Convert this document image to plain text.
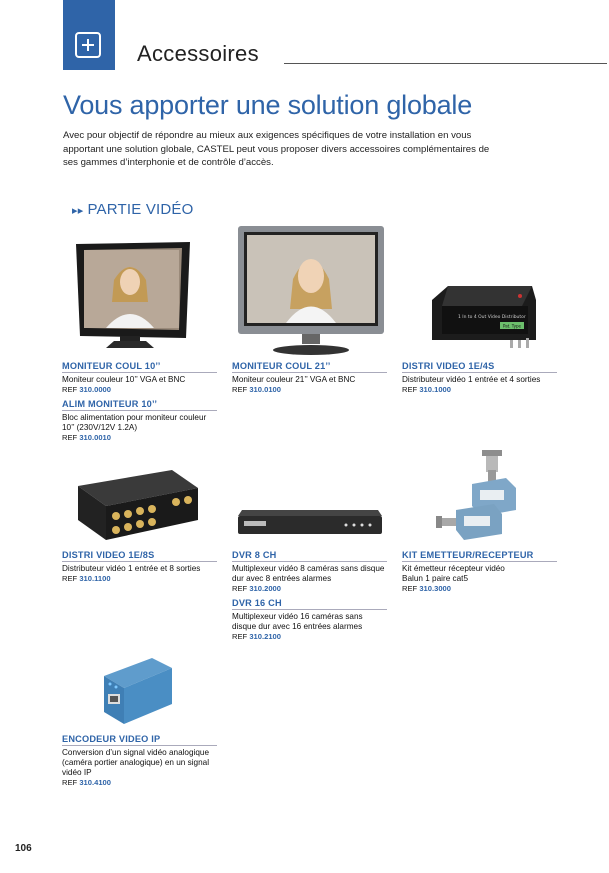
Accessoires
Vous apporter une solution globale
Avec pour objectif de répondre au mieux aux exigences spécifiques de votre installation en vous apportant une solution globale, CASTEL peut vous proposer divers accessoires complémentaires de ses gammes d’interphonie et de contrôle d’accès.
▸▸ PARTIE VIDÉO
1 In to 4 Out Video Distributor
Pat. Type
MONITEUR COUL 10’’
Moniteur couleur 10’’ VGA et BNC
REF 310.0000
ALIM MONITEUR 10’’
Bloc alimentation pour moniteur couleur 10’’ (230V/12V 1.2A)
REF 310.0010
MONITEUR COUL 21’’
Moniteur couleur 21’’ VGA et BNC
REF 310.0100
DISTRI VIDEO 1E/4S
Distributeur vidéo 1 entrée et 4 sorties
REF 310.1000
DISTRI VIDEO 1E/8S
Distributeur vidéo 1 entrée et 8 sorties
REF 310.1100
DVR 8 CH
Multiplexeur vidéo 8 caméras sans disque dur avec 8 entrées alarmes
REF 310.2000
DVR 16 CH
Multiplexeur vidéo 16 caméras sans disque dur avec 16 entrées alarmes
REF 310.2100
KIT EMETTEUR/RECEPTEUR
Kit émetteur récepteur vidéo Balun 1 paire cat5
REF 310.3000
ENCODEUR VIDEO IP
Conversion d’un signal vidéo analogique (caméra portier analogique) en un signal vidéo IP
REF 310.4100
106
